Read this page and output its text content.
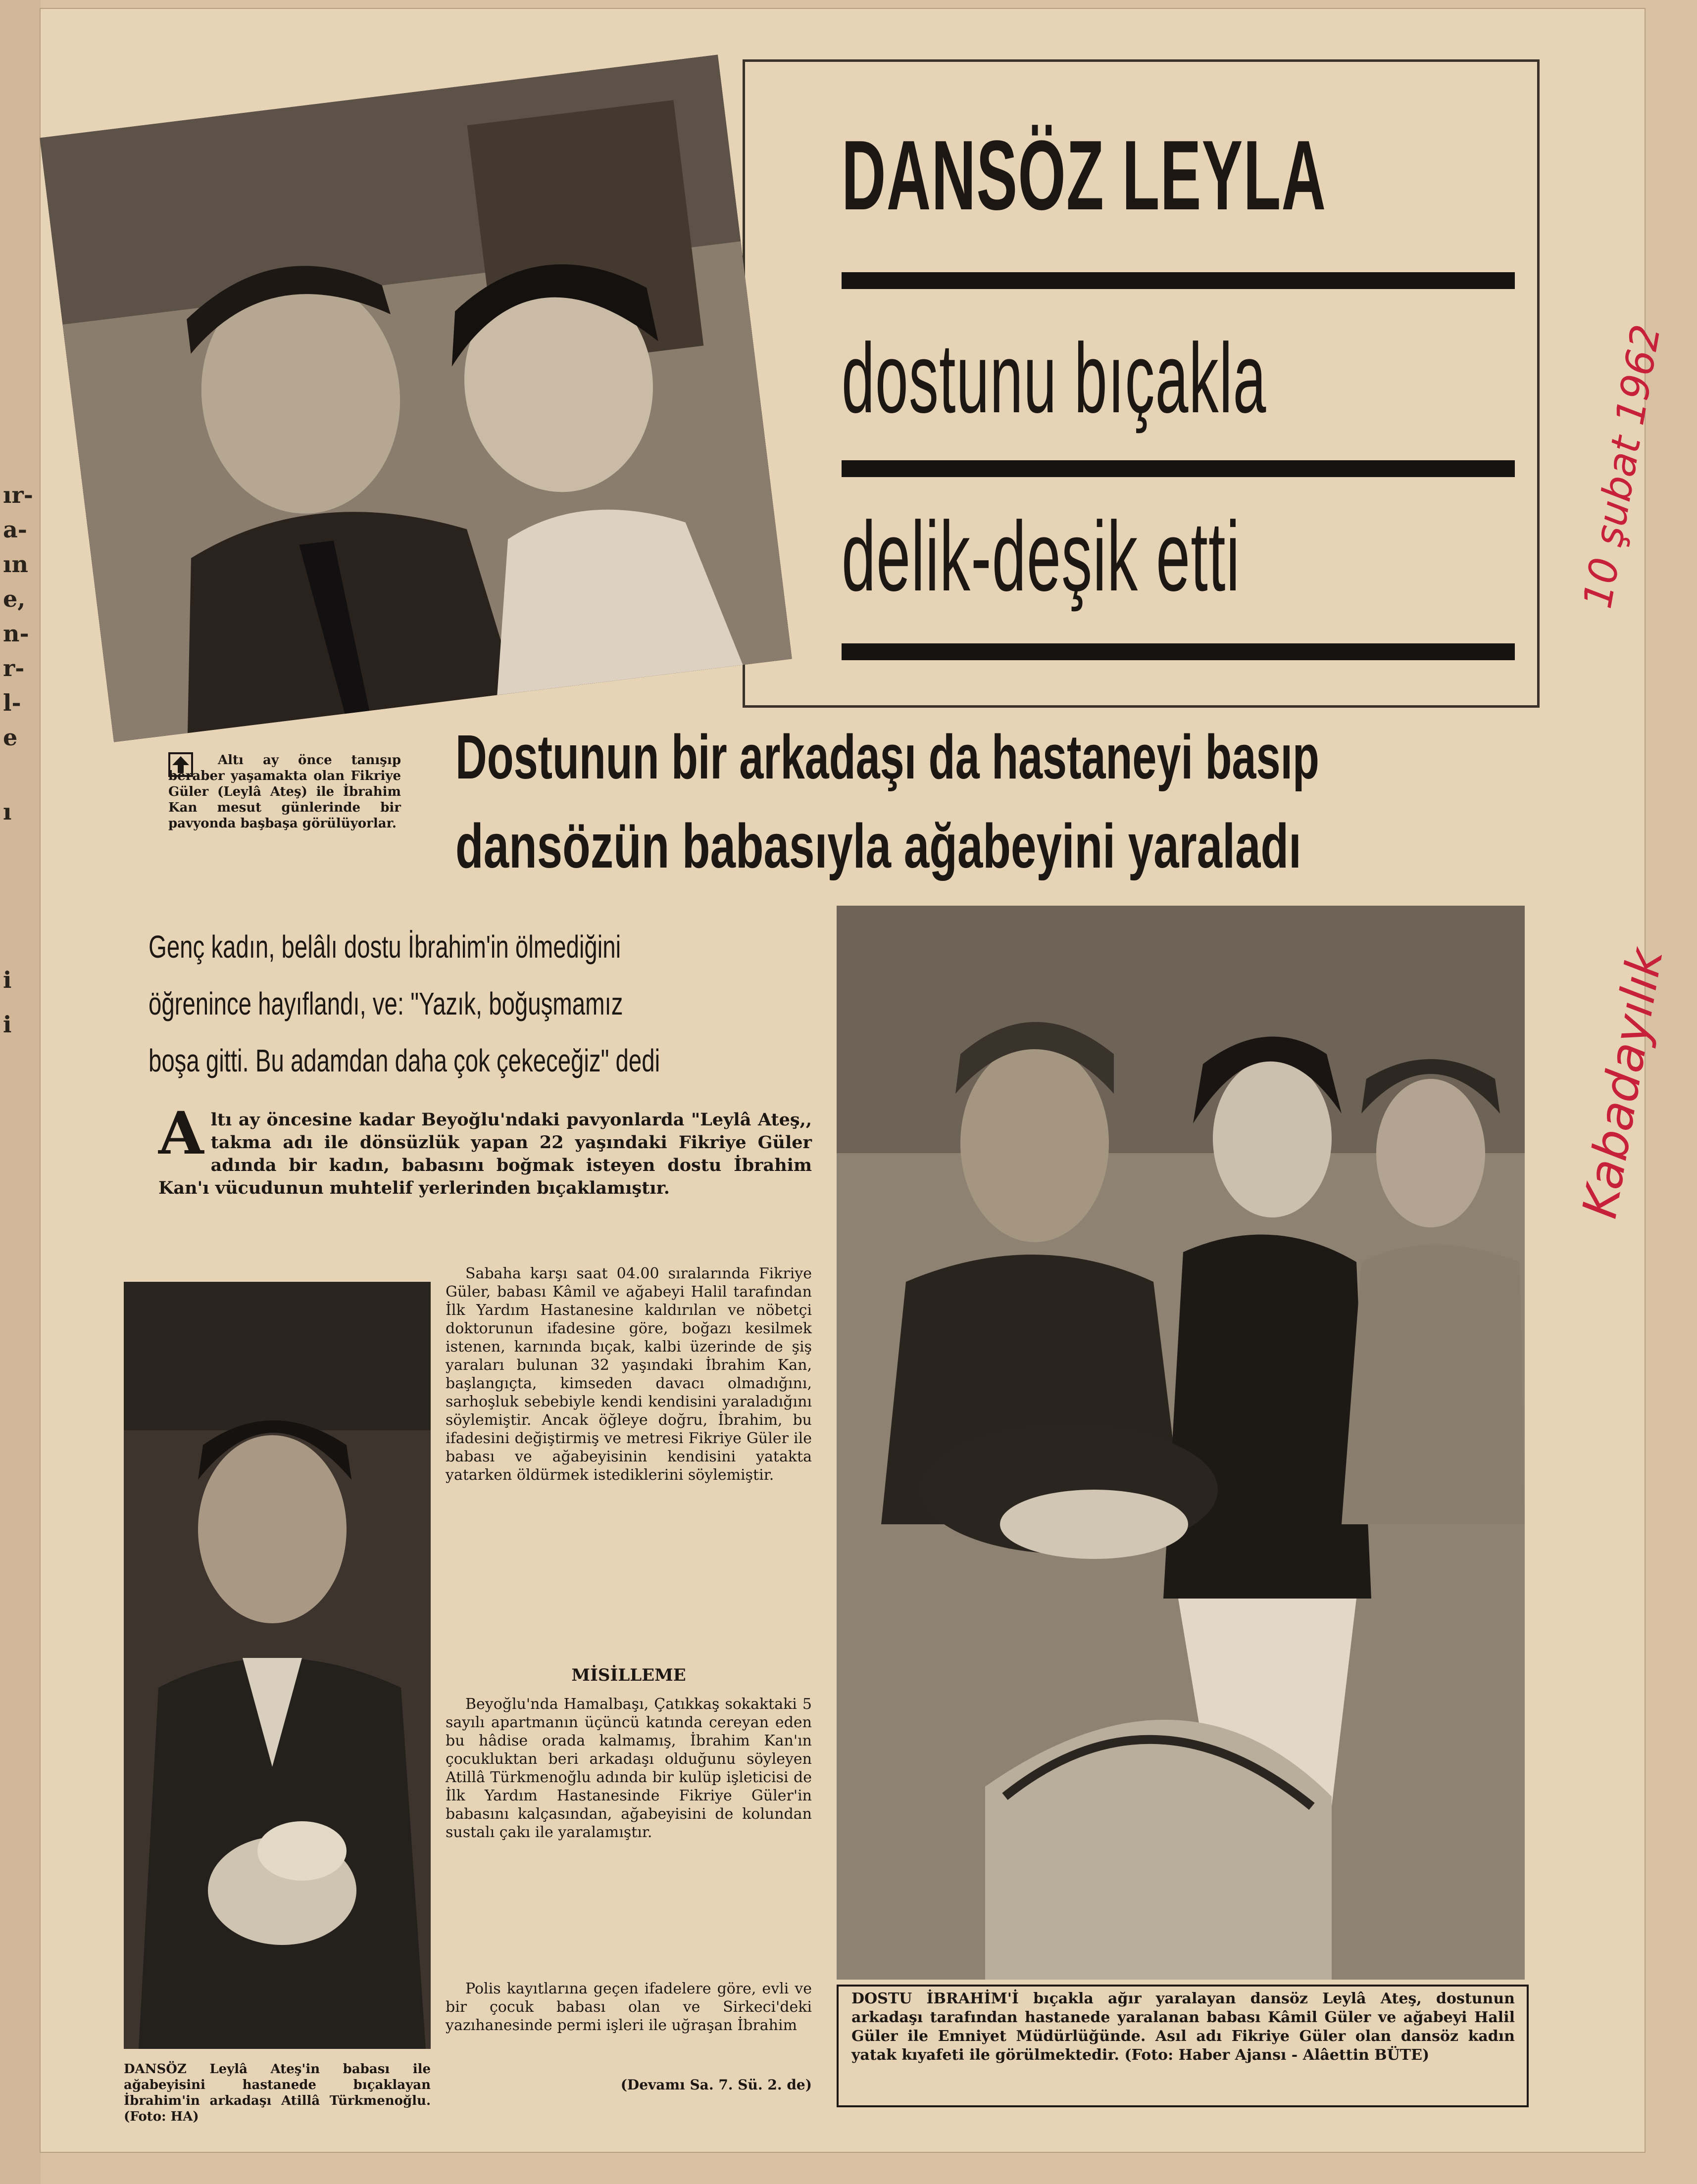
ır-
a-
ın
e,
n-
r-
l-
e
ı
i
i
DANSÖZ LEYLA
dostunu bıçakla
delik-deşik etti
Altı ay önce tanışıp beraber yaşamakta olan Fikriye Güler (Leylâ Ateş) ile İbrahim Kan mesut günlerinde bir pavyonda başbaşa görülüyorlar.
Dostunun bir arkadaşı da hastaneyi basıp
dansözün babasıyla ağabeyini yaraladı
Genç kadın, belâlı dostu İbrahim'in ölmediğini
öğrenince hayıflandı, ve: "Yazık, boğuşmamız
boşa gitti. Bu adamdan daha çok çekeceğiz" dedi
A ltı ay öncesine kadar Beyoğlu'ndaki pavyonlarda "Leylâ Ateş,, takma adı ile dönsüzlük yapan 22 yaşındaki Fikriye Güler adında bir kadın, babasını boğmak isteyen dostu İbrahim Kan'ı vücudunun muhtelif yerlerinden bıçaklamıştır.
DANSÖZ Leylâ Ateş'in babası ile ağabeyisini hastanede bıçaklayan İbrahim'in arkadaşı Atillâ Türkmenoğlu. (Foto: HA)
Sabaha karşı saat 04.00 sıralarında Fikriye Güler, babası Kâmil ve ağabeyi Halil tarafından İlk Yardım Hastanesine kaldırılan ve nöbetçi doktorunun ifadesine göre, boğazı kesilmek istenen, karnında bıçak, kalbi üzerinde de şiş yaraları bulunan 32 yaşındaki İbrahim Kan, başlangıçta, kimseden davacı olmadığını, sarhoşluk sebebiyle kendi kendisini yaraladığını söylemiştir. Ancak öğleye doğru, İbrahim, bu ifadesini değiştirmiş ve metresi Fikriye Güler ile babası ve ağabeyisinin kendisini yatakta yatarken öldürmek istediklerini söylemiştir.
MİSİLLEME
Beyoğlu'nda Hamalbaşı, Çatıkkaş sokaktaki 5 sayılı apartmanın üçüncü katında cereyan eden bu hâdise orada kalmamış, İbrahim Kan'ın çocukluktan beri arkadaşı olduğunu söyleyen Atillâ Türkmenoğlu adında bir kulüp işleticisi de İlk Yardım Hastanesinde Fikriye Güler'in babasını kalçasından, ağabeyisini de kolundan sustalı çakı ile yaralamıştır.
Polis kayıtlarına geçen ifadelere göre, evli ve bir çocuk babası olan ve Sirkeci'deki yazıhanesinde permi işleri ile uğraşan İbrahim
(Devamı Sa. 7. Sü. 2. de)
DOSTU İBRAHİM'İ bıçakla ağır yaralayan dansöz Leylâ Ateş, dostunun arkadaşı tarafından hastanede yaralanan babası Kâmil Güler ve ağabeyi Halil Güler ile Emniyet Müdürlüğünde. Asıl adı Fikriye Güler olan dansöz kadın yatak kıyafeti ile görülmektedir. (Foto: Haber Ajansı - Alâettin BÜTE)
10 şubat 1962
Kabadayılık
